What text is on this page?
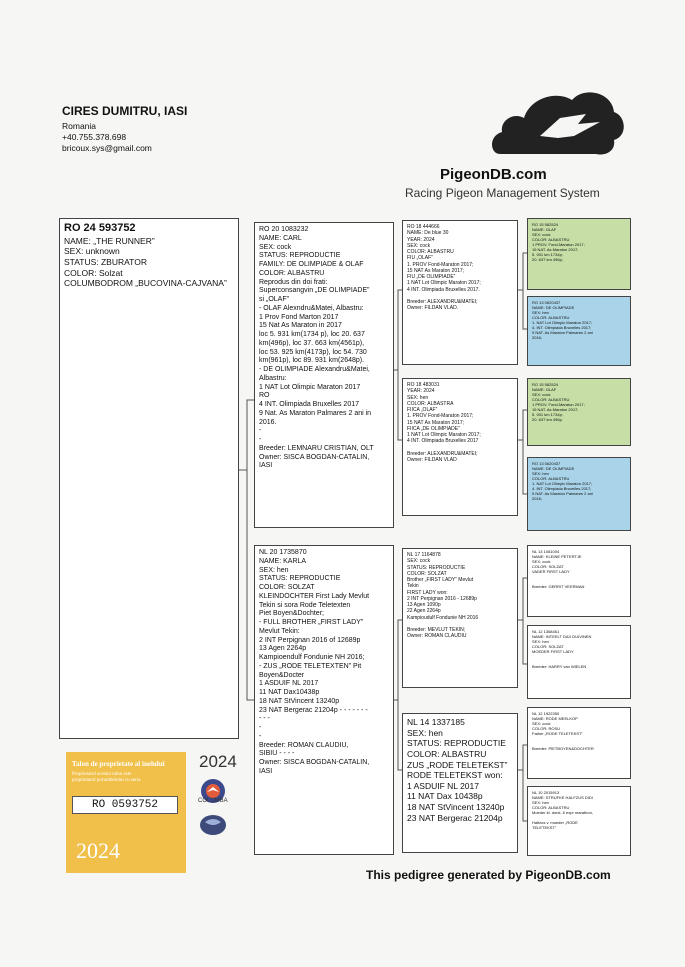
CIRES DUMITRU, IASI
Romania
+40.755.378.698
bricoux.sys@gmail.com
PigeonDB.com
Racing Pigeon Management System
RO 24 593752
NAME: „THE RUNNER”
SEX: unknown
STATUS: ZBURATOR
COLOR: Solzat
COLUMBODROM „BUCOVINA-CAJVANA”
RO 20 1083232
NAME: CARL
SEX: cock
STATUS: REPRODUCTIE
FAMILY: DE OLIMPIADE & OLAF
COLOR: ALBASTRU
Reprodus din doi frati:
Superconsangvin „DE OLIMPIADE”
si „OLAF”
- OLAF Alexndru&Matei, Albastru:
1 Prov Fond Marton 2017
15 Nat As Maraton in 2017
loc 5. 931 km(1734 p), loc 20. 637
km(496p), loc 37. 663 km(4561p),
loc 53. 925 km(4173p), loc 54. 730
km(961p), loc 89. 931 km(2648p).
- DE OLIMPIADE Alexandru&Matei,
Albastru:
1 NAT Lot Olimpic Maraton 2017
RO
4 INT. Olimpiada Bruxelles 2017
9 Nat. As Maraton Palmares 2 ani in
2016.
-
-
Breeder: LEMNARU CRISTIAN, OLT
Owner: SISCA BOGDAN-CATALIN,
IASI
NL 20 1735870
NAME: KARLA
SEX: hen
STATUS: REPRODUCTIE
COLOR: SOLZAT
KLEINDOCHTER First Lady Mevlut
Tekin si sora Rode Teletexten
Piet Boyen&Dochter;
- FULL BROTHER „FIRST LADY”
Mevlut Tekin:
2 INT Perpignan 2016 of 12689p
13 Agen 2264p
Kampioendulf Fondunie NH 2016;
- ZUS „RODE TELETEXTEN” Pit
Boyen&Docter
1 ASDUIF NL 2017
11 NAT Dax10438p
18 NAT StVincent 13240p
23 NAT Bergerac 21204p - - - - - - -
- - -
-
-
Breeder: ROMAN CLAUDIU,
SIBIU - - - -
Owner: SISCA BOGDAN-CATALIN,
IASI
RO 18 444666
NAME: De blue 30
YEAR: 2024
SEX: cock
COLOR: ALBASTRU
FIU „OLAF”
1. PROV Fond-Maraton 2017;
15 NAT As Maraton 2017;
FIU „DE OLIMPIADE”
1 NAT Lot Olimpic Maraton 2017;
4 INT. Olimpiada Bruxelles 2017.

Breeder: ALEXANDRU&MATEI;
Owner: FILDAN VLAD.
RO 18 483031
YEAR: 2024
SEX: hen
COLOR: ALBASTRA
FIICA „OLAF”
1. PROV Fond-Maraton 2017;
15 NAT As Maraton 2017;
FIICA „DE OLIMPIADE”
1 NAT Lot Olimpic Maraton 2017;
4 INT. Olimpiada Bruxelles 2017

Breeder: ALEXANDRU&MATEI;
Owner: FILDAN VLAD
NL 17 1164878
SEX: cock
STATUS: REPRODUCTIE
COLOR: SOLZAT
Brother „FIRST LADY” Mevlut
Tekin
FIRST LADY won:
2 INT Perpignan 2016 - 12689p
13 Agen 1090p
22 Agen 2264p
Kampioudulf Fondunie NH 2016

Breeder: MEVLUT TEKIN;
Owner: ROMAN CLAUDIU
NL 14 1337185
SEX: hen
STATUS: REPRODUCTIE
COLOR: ALBASTRU
ZUS „RODE TELETEKST”
RODE TELETEKST won:
1 ASDUIF NL 2017
11 NAT Dax 10438p
18 NAT StVincent 13240p
23 NAT Bergerac 21204p
RO 15 582524
NAME: OLAF
SEX: cock
COLOR: ALBASTRU
1 PROV. Fond-Maraton 2017;
15 NAT. As Maraton 2017;
5. 931 km 1734p;
20. 637 km 496p;
RO 13 0620437
NAME: DE OLIMPIADE
SEX: hen
COLOR: ALBASTRU
1. NAT Lot Olimpic Maraton 2017;
4. INT. Olimpiada Bruxelles 2017;
9 NAT. As Maraton Palmares 2 ani
2016;
RO 15 582524
NAME: OLAF
SEX: cock
COLOR: ALBASTRU
1 PROV. Fond-Maraton 2017;
15 NAT. As Maraton 2017;
5. 931 km 1734p;
20. 637 km 496p.
RO 13 0620437
NAME: DE OLIMPIADE
SEX: hen
COLOR: ALBASTRU
1. NAT Lot Olimpic Maraton 2017;
4. INT. Olimpiada Bruxelles 2017;
9 NAT. As Maraton Palmares 2 ani
2016;
NL 13 1081004
NAME: KLEINE PETERTJE
SEX: cock
COLOR: SOLZAT
VADER FIRST LADY

Breeder: GERRIT VEERMAN
NL 12 1368461
NAME: INTEELT DAX DUIVINEN
SEX: hen
COLOR: SOLZAT
MOEDER FIRST LADY

Breeder: HARRY van WIELEN
NL 12 1922350
NAME: RODE MEELKOP
SEX: cock
COLOR: ROSU
Father „RODE TELETEKST”

Breeder: PIETBOYEN&DOCHTER
NL 10 2015913
NAME: STRUFKE HALFZUS DIDI
SEX: hen
COLOR: ALBASTRU
Moeder kl. donk. 6 expr marathon,

Halfzus v. moeder „RODE
TELETEKST”
Talon de proprietate al inelului
Proprietarul acestui talon este
proprietarul porumbelului cu seria
RO 0593752
2024
2024
COLUMBA
This pedigree generated by PigeonDB.com
